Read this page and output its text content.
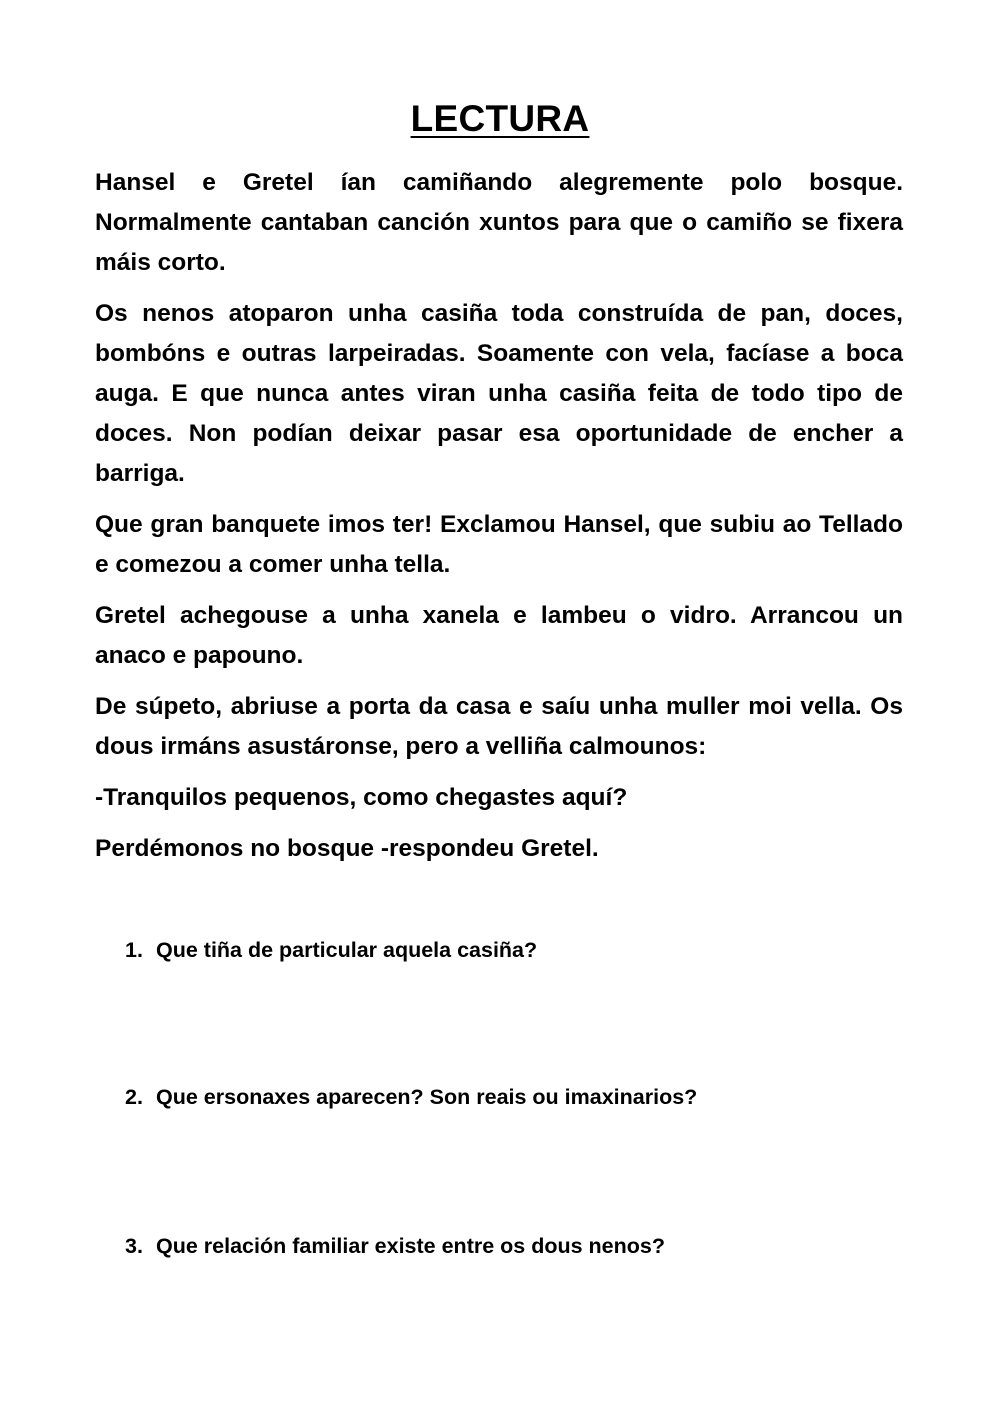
LECTURA

Hansel e Gretel ían camiñando alegremente polo bosque. Normalmente cantaban canción xuntos para que o camiño se fixera máis corto.

Os nenos atoparon unha casiña toda construída de pan, doces, bombóns e outras larpeiradas. Soamente con vela, facíase a boca auga. E que nunca antes viran unha casiña feita de todo tipo de doces. Non podían deixar pasar esa oportunidade de encher a barriga.

Que gran banquete imos ter! Exclamou Hansel, que subiu ao Tellado e comezou a comer unha tella.

Gretel achegouse a unha xanela e lambeu o vidro. Arrancou un anaco e papouno.

De súpeto, abriuse a porta da casa e saíu unha muller moi vella. Os dous irmáns asustáronse, pero a velliña calmounos:

-Tranquilos pequenos, como chegastes aquí?

Perdémonos no bosque -respondeu Gretel.

1. Que tiña de particular aquela casiña?
2. Que ersonaxes aparecen? Son reais ou imaxinarios?
3. Que relación familiar existe entre os dous nenos?
